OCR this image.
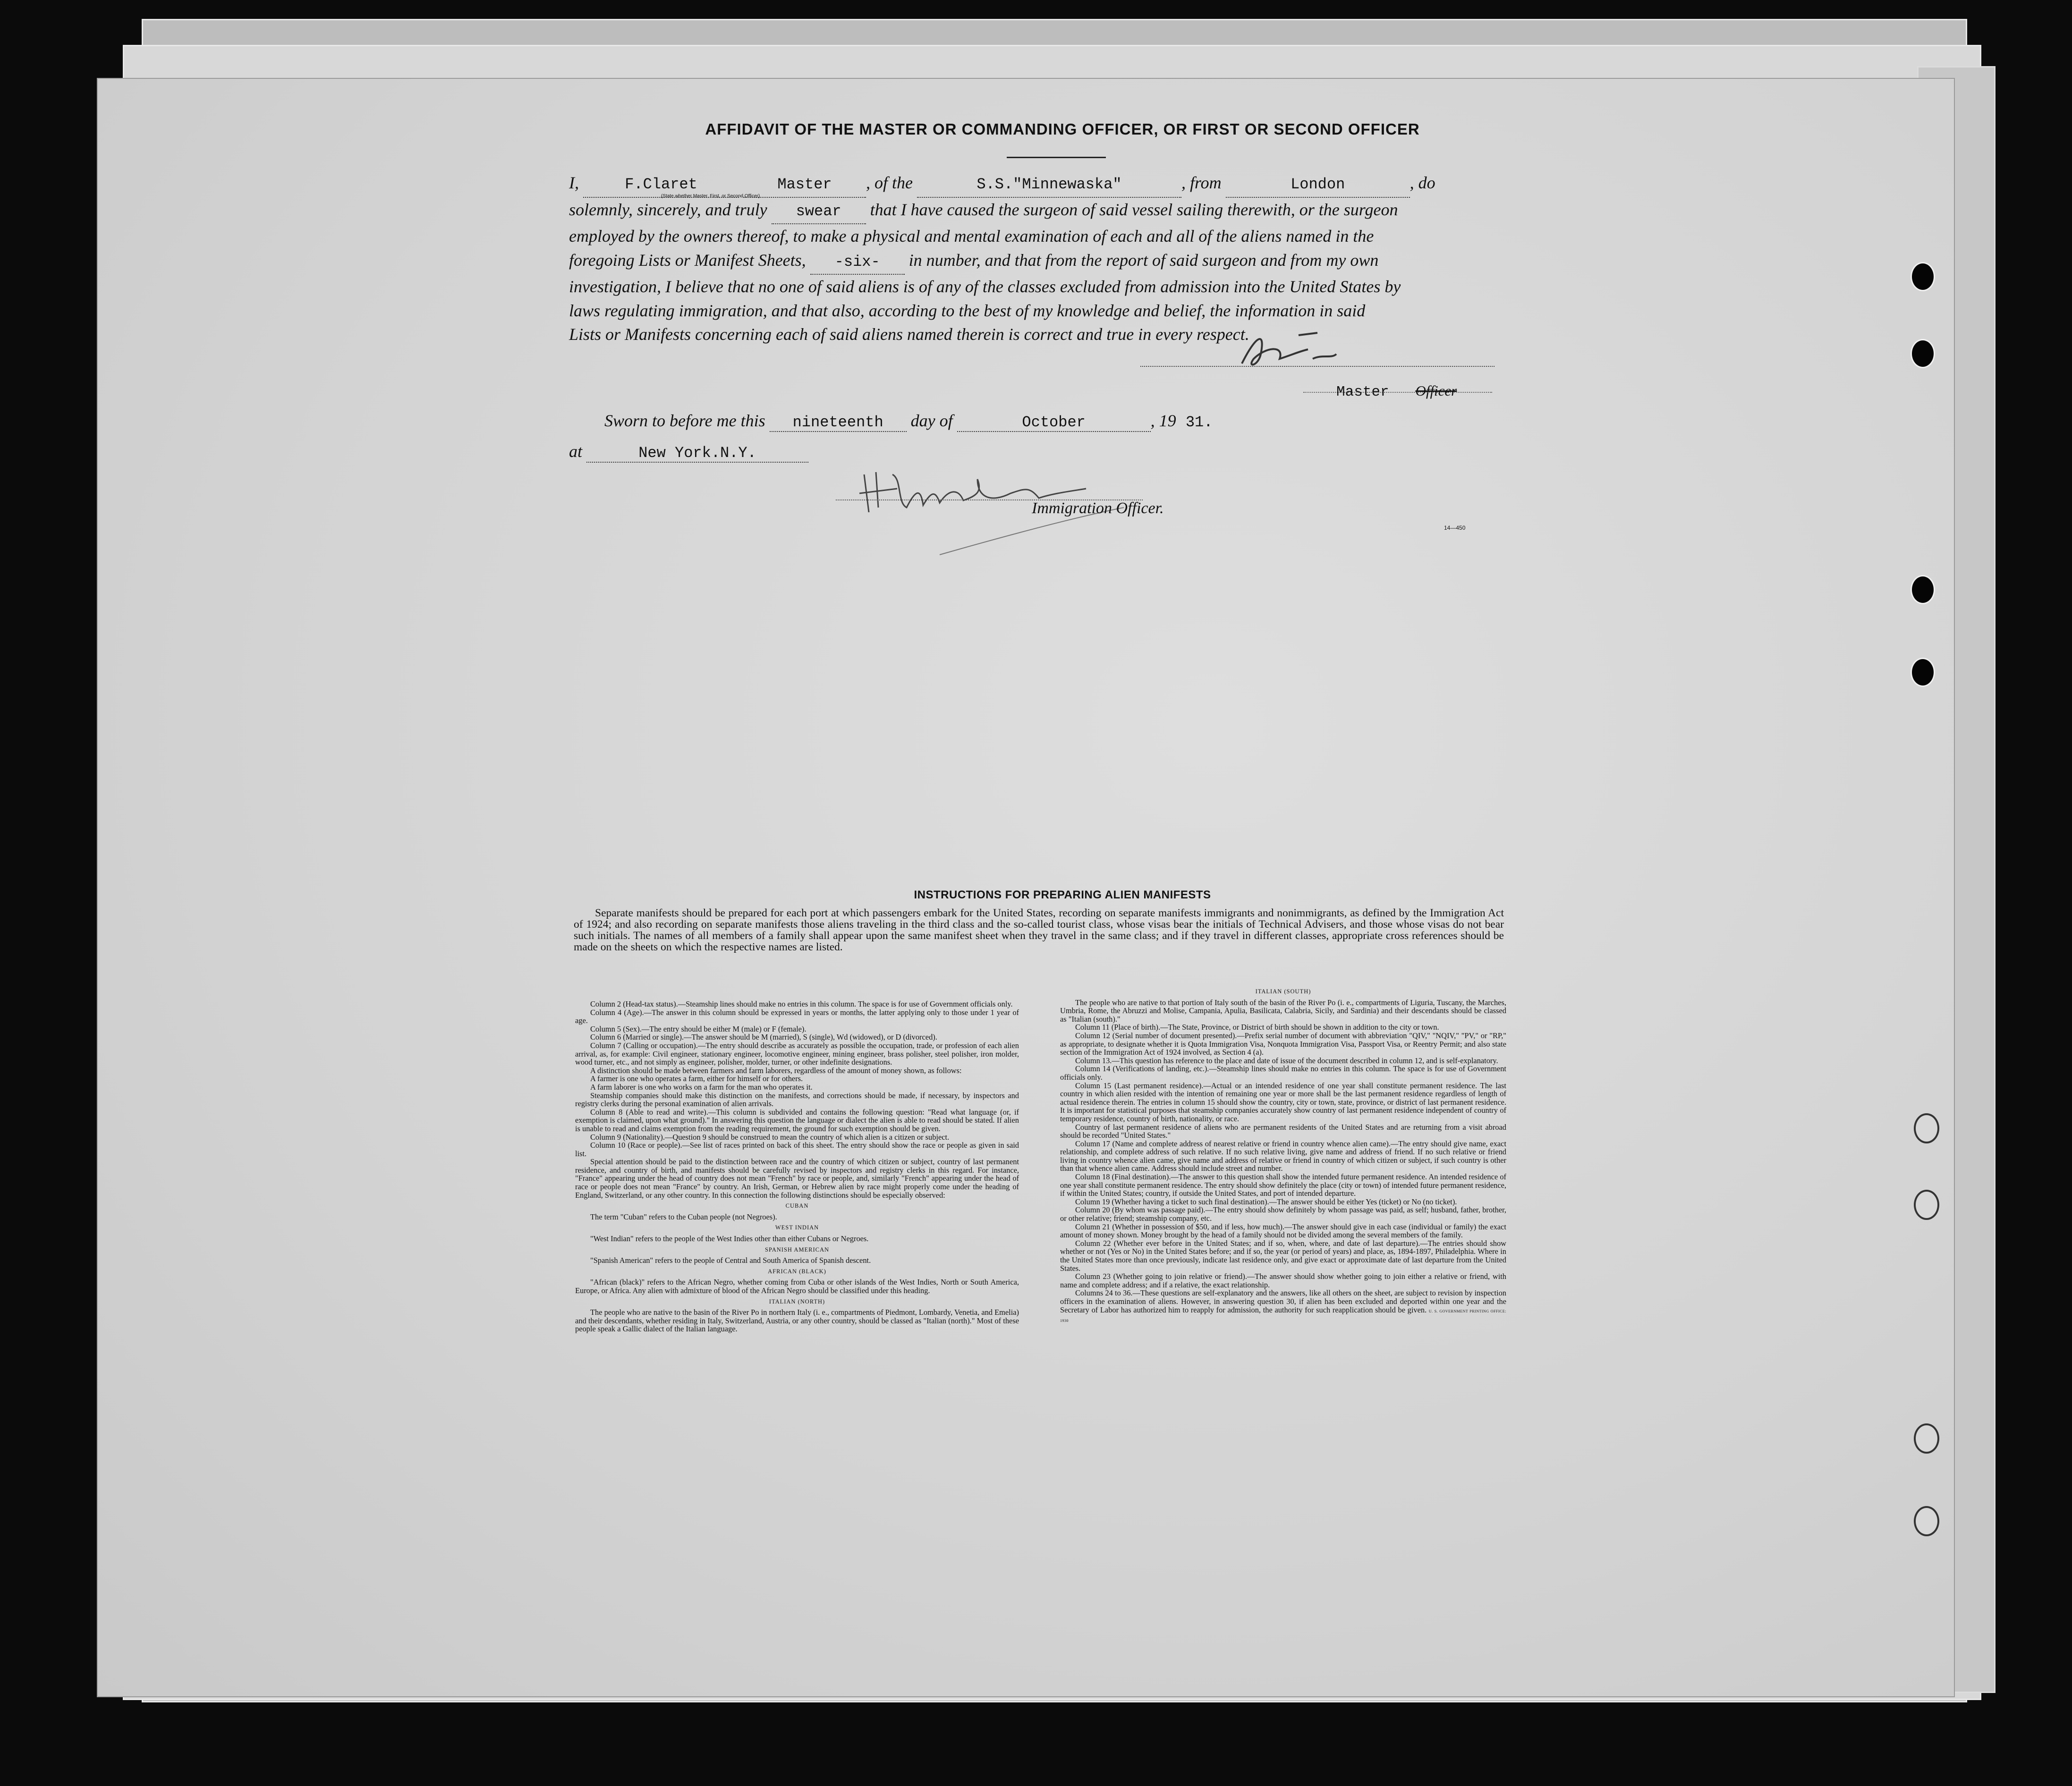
AFFIDAVIT OF THE MASTER OR COMMANDING OFFICER, OR FIRST OR SECOND OFFICER

I,	F.Claret	Master , of the	S.S."Minnewaska"	, from	London	, do

solemnly, sincerely, and truly swear that I have caused the surgeon of said vessel sailing therewith, or the surgeon

employed by the owners thereof, to make a physical and mental examination of each and all of the aliens named in the

foregoing Lists or Manifest Sheets, -six- in number, and that from the report of said surgeon and from my own

investigation, I believe that no one of said aliens is of any of the classes excluded from admission into the United States by

laws regulating immigration, and that also, according to the best of my knowledge and belief, the information in said

Lists or Manifests concerning each of said aliens named therein is correct and true in every respect.

(State whether Master, First, or Second Officer)
Master Officer
Sworn to before me this nineteenth day of	October	, 19 31.
at	New York.N.Y.
Immigration Officer.
14—450
INSTRUCTIONS FOR PREPARING ALIEN MANIFESTS

Separate manifests should be prepared for each port at which passengers embark for the United States, recording on separate manifests immigrants and nonimmigrants, as defined by the Immigration Act of 1924; and also recording on separate manifests those aliens traveling in the third class and the so-called tourist class, whose visas bear the initials of Technical Advisers, and those whose visas do not bear such initials. The names of all members of a family shall appear upon the same manifest sheet when they travel in the same class; and if they travel in different classes, appropriate cross references should be made on the sheets on which the respective names are listed.

Column 2 (Head-tax status).—Steamship lines should make no entries in this column. The space is for use of Government officials only.

Column 4 (Age).—The answer in this column should be expressed in years or months, the latter applying only to those under 1 year of age.

Column 5 (Sex).—The entry should be either M (male) or F (female).

Column 6 (Married or single).—The answer should be M (married), S (single), Wd (widowed), or D (divorced).

Column 7 (Calling or occupation).—The entry should describe as accurately as possible the occupation, trade, or profession of each alien arrival, as, for example: Civil engineer, stationary engineer, locomotive engineer, mining engineer, brass polisher, steel polisher, iron molder, wood turner, etc., and not simply as engineer, polisher, molder, turner, or other indefinite designations.

A distinction should be made between farmers and farm laborers, regardless of the amount of money shown, as follows:

A farmer is one who operates a farm, either for himself or for others.

A farm laborer is one who works on a farm for the man who operates it.

Steamship companies should make this distinction on the manifests, and corrections should be made, if necessary, by inspectors and registry clerks during the personal examination of alien arrivals.

Column 8 (Able to read and write).—This column is subdivided and contains the following question: "Read what language (or, if exemption is claimed, upon what ground)." In answering this question the language or dialect the alien is able to read should be stated. If alien is unable to read and claims exemption from the reading requirement, the ground for such exemption should be given.

Column 9 (Nationality).—Question 9 should be construed to mean the country of which alien is a citizen or subject.

Column 10 (Race or people).—See list of races printed on back of this sheet. The entry should show the race or people as given in said list.

Special attention should be paid to the distinction between race and the country of which citizen or subject, country of last permanent residence, and country of birth, and manifests should be carefully revised by inspectors and registry clerks in this regard. For instance, "France" appearing under the head of country does not mean "French" by race or people, and, similarly "French" appearing under the head of race or people does not mean "France" by country. An Irish, German, or Hebrew alien by race might properly come under the heading of England, Switzerland, or any other country. In this connection the following distinctions should be especially observed:

CUBAN

The term "Cuban" refers to the Cuban people (not Negroes).

WEST INDIAN

"West Indian" refers to the people of the West Indies other than either Cubans or Negroes.

SPANISH AMERICAN

"Spanish American" refers to the people of Central and South America of Spanish descent.

AFRICAN (BLACK)

"African (black)" refers to the African Negro, whether coming from Cuba or other islands of the West Indies, North or South America, Europe, or Africa. Any alien with admixture of blood of the African Negro should be classified under this heading.

ITALIAN (NORTH)

The people who are native to the basin of the River Po in northern Italy (i. e., compartments of Piedmont, Lombardy, Venetia, and Emelia) and their descendants, whether residing in Italy, Switzerland, Austria, or any other country, should be classed as "Italian (north)." Most of these people speak a Gallic dialect of the Italian language.

ITALIAN (SOUTH)

The people who are native to that portion of Italy south of the basin of the River Po (i. e., compartments of Liguria, Tuscany, the Marches, Umbria, Rome, the Abruzzi and Molise, Campania, Apulia, Basilicata, Calabria, Sicily, and Sardinia) and their descendants should be classed as "Italian (south)."

Column 11 (Place of birth).—The State, Province, or District of birth should be shown in addition to the city or town.

Column 12 (Serial number of document presented).—Prefix serial number of document with abbreviation "QIV," "NQIV," "PV," or "RP," as appropriate, to designate whether it is Quota Immigration Visa, Nonquota Immigration Visa, Passport Visa, or Reentry Permit; and also state section of the Immigration Act of 1924 involved, as Section 4 (a).

Column 13.—This question has reference to the place and date of issue of the document described in column 12, and is self-explanatory.

Column 14 (Verifications of landing, etc.).—Steamship lines should make no entries in this column. The space is for use of Government officials only.

Column 15 (Last permanent residence).—Actual or an intended residence of one year shall constitute permanent residence. The last country in which alien resided with the intention of remaining one year or more shall be the last permanent residence regardless of length of actual residence therein. The entries in column 15 should show the country, city or town, state, province, or district of last permanent residence. It is important for statistical purposes that steamship companies accurately show country of last permanent residence independent of country of temporary residence, country of birth, nationality, or race.

Country of last permanent residence of aliens who are permanent residents of the United States and are returning from a visit abroad should be recorded "United States."

Column 17 (Name and complete address of nearest relative or friend in country whence alien came).—The entry should give name, exact relationship, and complete address of such relative. If no such relative living, give name and address of friend. If no such relative or friend living in country whence alien came, give name and address of relative or friend in country of which citizen or subject, if such country is other than that whence alien came. Address should include street and number.

Column 18 (Final destination).—The answer to this question shall show the intended future permanent residence. An intended residence of one year shall constitute permanent residence. The entry should show definitely the place (city or town) of intended future permanent residence, if within the United States; country, if outside the United States, and port of intended departure.

Column 19 (Whether having a ticket to such final destination).—The answer should be either Yes (ticket) or No (no ticket).

Column 20 (By whom was passage paid).—The entry should show definitely by whom passage was paid, as self; husband, father, brother, or other relative; friend; steamship company, etc.

Column 21 (Whether in possession of $50, and if less, how much).—The answer should give in each case (individual or family) the exact amount of money shown. Money brought by the head of a family should not be divided among the several members of the family.

Column 22 (Whether ever before in the United States; and if so, when, where, and date of last departure).—The entries should show whether or not (Yes or No) in the United States before; and if so, the year (or period of years) and place, as, 1894-1897, Philadelphia. Where in the United States more than once previously, indicate last residence only, and give exact or approximate date of last departure from the United States.

Column 23 (Whether going to join relative or friend).—The answer should show whether going to join either a relative or friend, with name and complete address; and if a relative, the exact relationship.

Columns 24 to 36.—These questions are self-explanatory and the answers, like all others on the sheet, are subject to revision by inspection officers in the examination of aliens. However, in answering question 30, if alien has been excluded and deported within one year and the Secretary of Labor has authorized him to reapply for admission, the authority for such reapplication should be given. U. S. GOVERNMENT PRINTING OFFICE: 1930
